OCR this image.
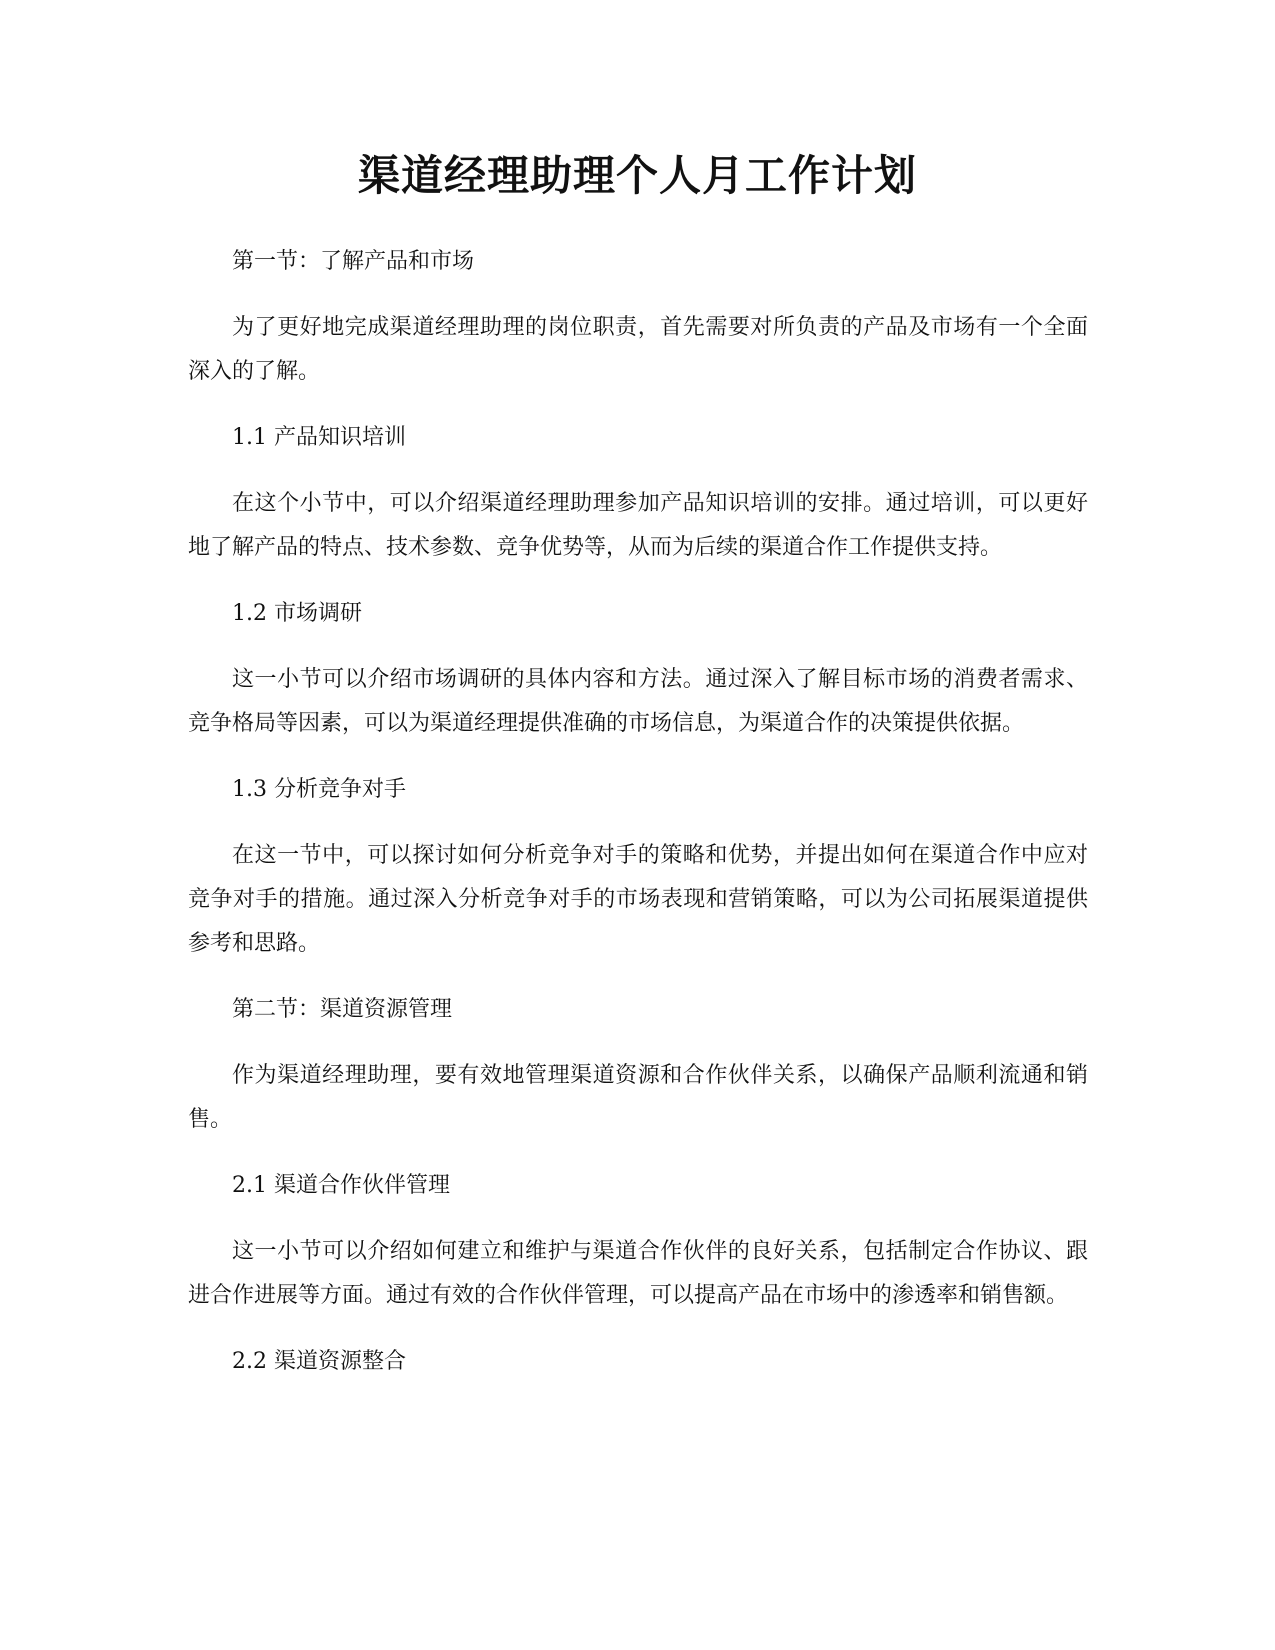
渠道经理助理个人月工作计划

第一节：了解产品和市场

为了更好地完成渠道经理助理的岗位职责，首先需要对所负责的产品及市场有一个全面深入的了解。

1.1 产品知识培训

在这个小节中，可以介绍渠道经理助理参加产品知识培训的安排。通过培训，可以更好地了解产品的特点、技术参数、竞争优势等，从而为后续的渠道合作工作提供支持。

1.2 市场调研

这一小节可以介绍市场调研的具体内容和方法。通过深入了解目标市场的消费者需求、竞争格局等因素，可以为渠道经理提供准确的市场信息，为渠道合作的决策提供依据。

1.3 分析竞争对手

在这一节中，可以探讨如何分析竞争对手的策略和优势，并提出如何在渠道合作中应对竞争对手的措施。通过深入分析竞争对手的市场表现和营销策略，可以为公司拓展渠道提供参考和思路。

第二节：渠道资源管理

作为渠道经理助理，要有效地管理渠道资源和合作伙伴关系，以确保产品顺利流通和销售。

2.1 渠道合作伙伴管理

这一小节可以介绍如何建立和维护与渠道合作伙伴的良好关系，包括制定合作协议、跟进合作进展等方面。通过有效的合作伙伴管理，可以提高产品在市场中的渗透率和销售额。

2.2 渠道资源整合
